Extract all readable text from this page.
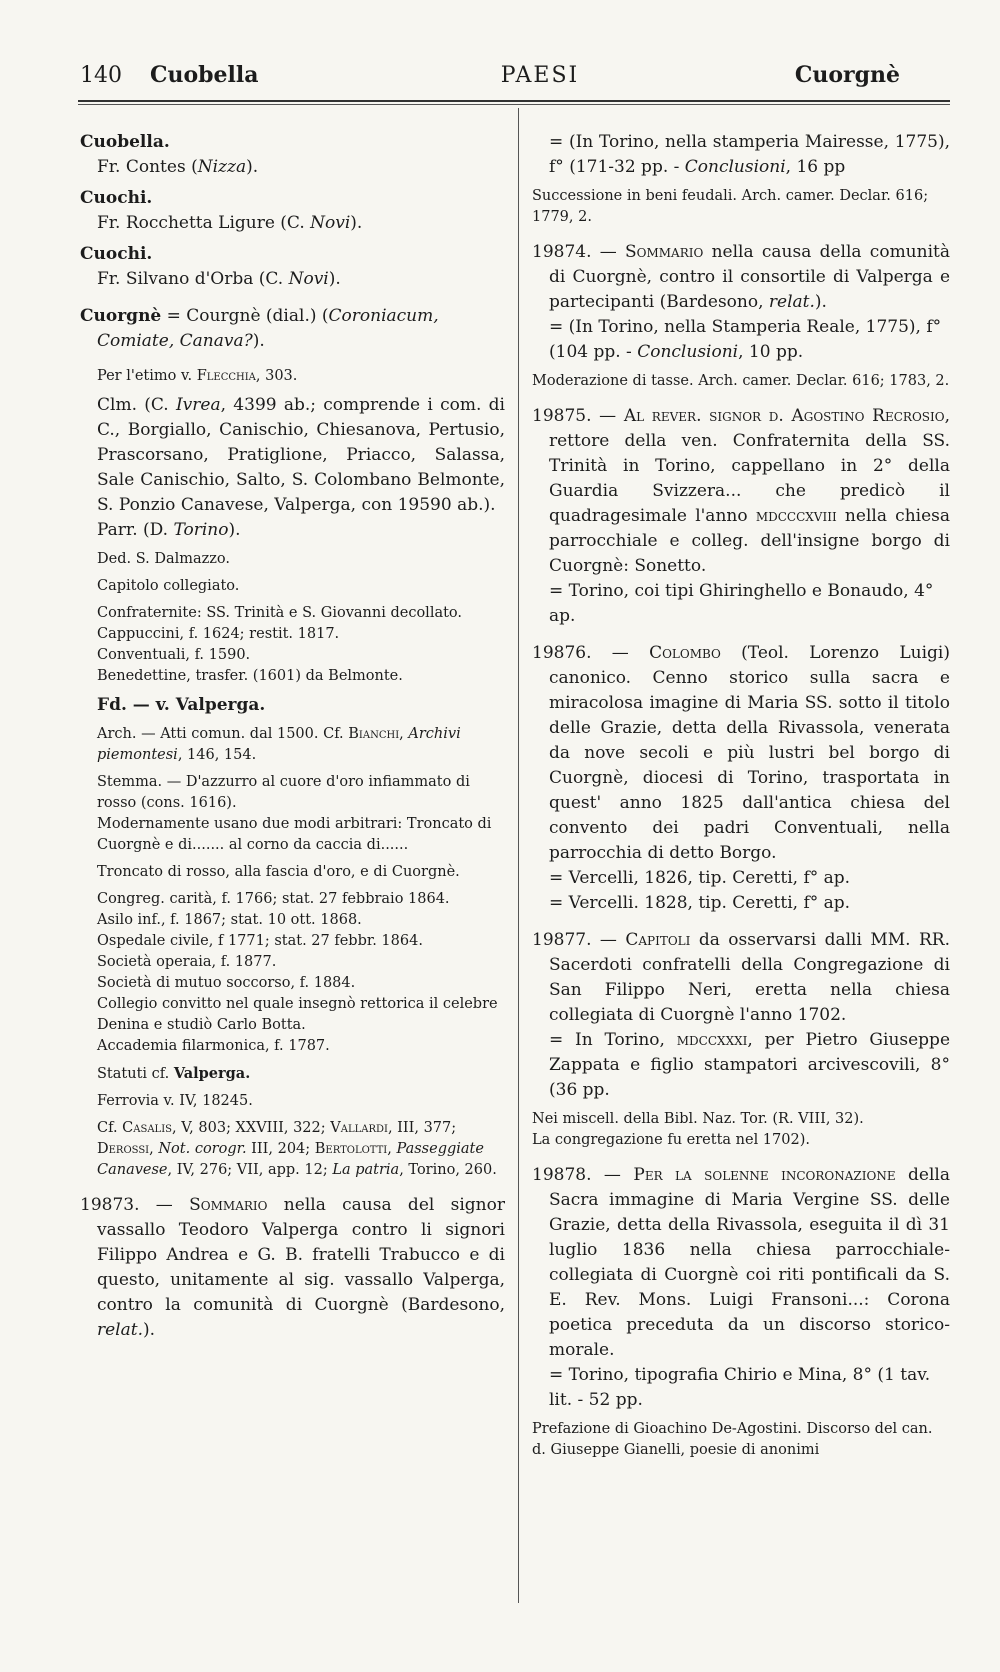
140	Cuobella	PAESI	Cuorgnè

Cuobella.

Fr. Contes (Nizza).

Cuochi.

Fr. Rocchetta Ligure (C. Novi).

Cuochi.

Fr. Silvano d'Orba (C. Novi).

Cuorgnè = Courgnè (dial.) (Coroniacum, Comiate, Canava?).

Per l'etimo v. Flecchia, 303.

Clm. (C. Ivrea, 4399 ab.; comprende i com. di C., Borgiallo, Canischio, Chiesanova, Pertusio, Prascorsano, Pratiglione, Priacco, Salassa, Sale Canischio, Salto, S. Colombano Belmonte, S. Ponzio Canavese, Valperga, con 19590 ab.).

Parr. (D. Torino).

Ded. S. Dalmazzo.

Capitolo collegiato.

Confraternite: SS. Trinità e S. Giovanni decollato.

Cappuccini, f. 1624; restit. 1817.

Conventuali, f. 1590.

Benedettine, trasfer. (1601) da Belmonte.

Fd. — v. Valperga.

Arch. — Atti comun. dal 1500. Cf. Bianchi, Archivi piemontesi, 146, 154.

Stemma. — D'azzurro al cuore d'oro infiammato di rosso (cons. 1616).

Modernamente usano due modi arbitrari: Troncato di Cuorgnè e di....... al corno da caccia di......

Troncato di rosso, alla fascia d'oro, e di Cuorgnè.

Congreg. carità, f. 1766; stat. 27 febbraio 1864.

Asilo inf., f. 1867; stat. 10 ott. 1868.

Ospedale civile, f 1771; stat. 27 febbr. 1864.

Società operaia, f. 1877.

Società di mutuo soccorso, f. 1884.

Collegio convitto nel quale insegnò rettorica il celebre Denina e studiò Carlo Botta.

Accademia filarmonica, f. 1787.

Statuti cf. Valperga.

Ferrovia v. IV, 18245.

Cf. Casalis, V, 803; XXVIII, 322; Vallardi, III, 377; Derossi, Not. corogr. III, 204; Bertolotti, Passeggiate Canavese, IV, 276; VII, app. 12; La patria, Torino, 260.

19873. — Sommario nella causa del signor vassallo Teodoro Valperga contro li signori Filippo Andrea e G. B. fratelli Trabucco e di questo, unitamente al sig. vassallo Valperga, contro la comunità di Cuorgnè (Bardesono, relat.).

= (In Torino, nella stamperia Mairesse, 1775), f° (171-32 pp. - Conclusioni, 16 pp

Successione in beni feudali. Arch. camer. Declar. 616; 1779, 2.

19874. — Sommario nella causa della comunità di Cuorgnè, contro il consortile di Valperga e partecipanti (Bardesono, relat.).

= (In Torino, nella Stamperia Reale, 1775), f° (104 pp. - Conclusioni, 10 pp.

Moderazione di tasse. Arch. camer. Declar. 616; 1783, 2.

19875. — Al rever. signor d. Agostino Recrosio, rettore della ven. Confraternita della SS. Trinità in Torino, cappellano in 2° della Guardia Svizzera... che predicò il quadragesimale l'anno mdcccxviii nella chiesa parrocchiale e colleg. dell'insigne borgo di Cuorgnè: Sonetto.

= Torino, coi tipi Ghiringhello e Bonaudo, 4° ap.

19876. — Colombo (Teol. Lorenzo Luigi) canonico. Cenno storico sulla sacra e miracolosa imagine di Maria SS. sotto il titolo delle Grazie, detta della Rivassola, venerata da nove secoli e più lustri bel borgo di Cuorgnè, diocesi di Torino, trasportata in quest' anno 1825 dall'antica chiesa del convento dei padri Conventuali, nella parrocchia di detto Borgo.

= Vercelli, 1826, tip. Ceretti, f° ap.

= Vercelli. 1828, tip. Ceretti, f° ap.

19877. — Capitoli da osservarsi dalli MM. RR. Sacerdoti confratelli della Congregazione di San Filippo Neri, eretta nella chiesa collegiata di Cuorgnè l'anno 1702.

= In Torino, mdccxxxi, per Pietro Giuseppe Zappata e figlio stampatori arcivescovili, 8° (36 pp.

Nei miscell. della Bibl. Naz. Tor. (R. VIII, 32).

La congregazione fu eretta nel 1702).

19878. — Per la solenne incoronazione della Sacra immagine di Maria Vergine SS. delle Grazie, detta della Rivassola, eseguita il dì 31 luglio 1836 nella chiesa parrocchiale-collegiata di Cuorgnè coi riti pontificali da S. E. Rev. Mons. Luigi Fransoni...: Corona poetica preceduta da un discorso storico-morale.

= Torino, tipografia Chirio e Mina, 8° (1 tav. lit. - 52 pp.

Prefazione di Gioachino De-Agostini. Discorso del can. d. Giuseppe Gianelli, poesie di anonimi
